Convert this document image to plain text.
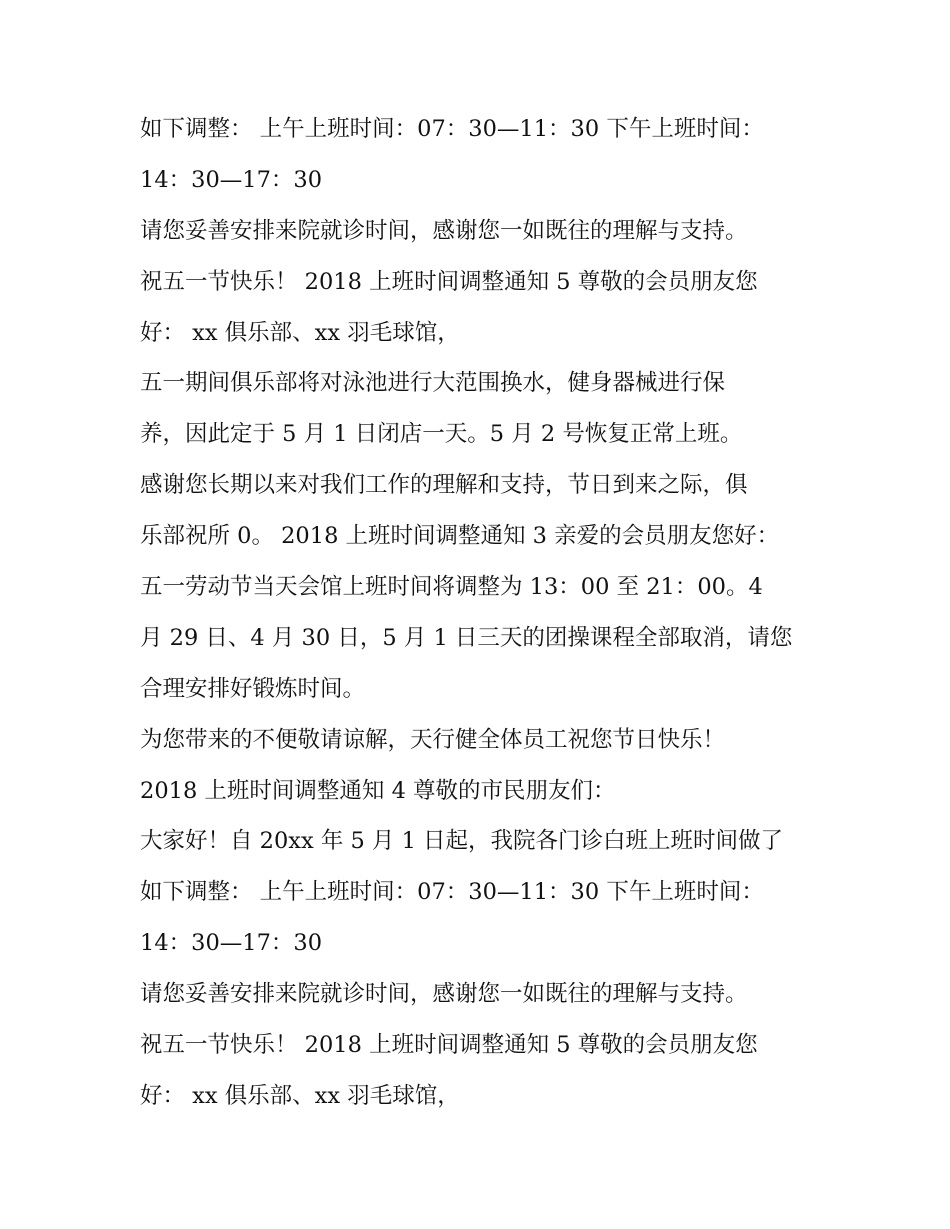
如下调整： 上午上班时间：07：30—11：30 下午上班时间：
14：30—17：30
请您妥善安排来院就诊时间，感谢您一如既往的理解与支持。
祝五一节快乐！ 2018 上班时间调整通知 5 尊敬的会员朋友您
好： xx 俱乐部、xx 羽毛球馆，
五一期间俱乐部将对泳池进行大范围换水，健身器械进行保
养，因此定于 5 月 1 日闭店一天。5 月 2 号恢复正常上班。
感谢您长期以来对我们工作的理解和支持，节日到来之际，俱
乐部祝所 0。 2018 上班时间调整通知 3 亲爱的会员朋友您好：
五一劳动节当天会馆上班时间将调整为 13：00 至 21：00。4
月 29 日、4 月 30 日，5 月 1 日三天的团操课程全部取消，请您
合理安排好锻炼时间。
为您带来的不便敬请谅解，天行健全体员工祝您节日快乐！
2018 上班时间调整通知 4 尊敬的市民朋友们：
大家好！自 20xx 年 5 月 1 日起，我院各门诊白班上班时间做了
如下调整： 上午上班时间：07：30—11：30 下午上班时间：
14：30—17：30
请您妥善安排来院就诊时间，感谢您一如既往的理解与支持。
祝五一节快乐！ 2018 上班时间调整通知 5 尊敬的会员朋友您
好： xx 俱乐部、xx 羽毛球馆，
